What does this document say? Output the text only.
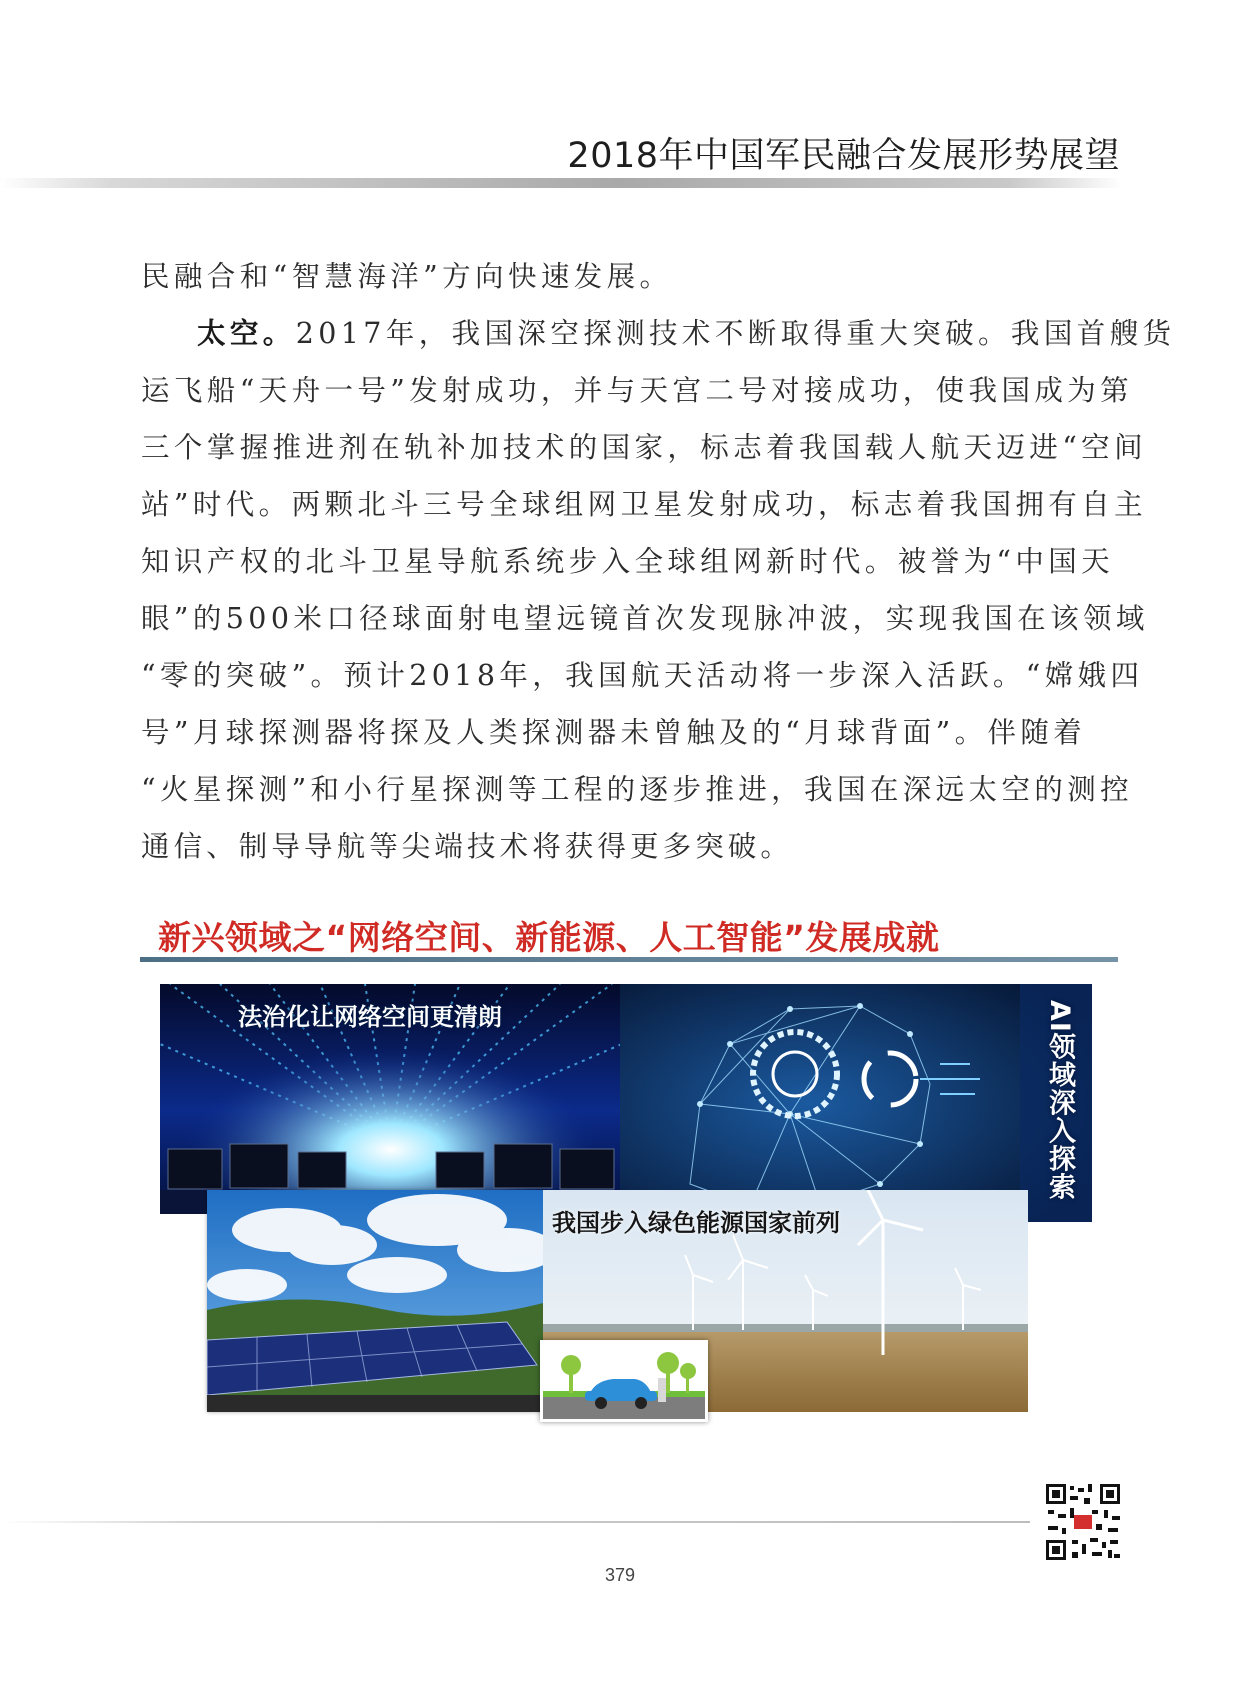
2018年中国军民融合发展形势展望
民融合和“智慧海洋”方向快速发展。
太空。2017年，我国深空探测技术不断取得重大突破。我国首艘货
运飞船“天舟一号”发射成功，并与天宫二号对接成功，使我国成为第
三个掌握推进剂在轨补加技术的国家，标志着我国载人航天迈进“空间
站”时代。两颗北斗三号全球组网卫星发射成功，标志着我国拥有自主
知识产权的北斗卫星导航系统步入全球组网新时代。被誉为“中国天
眼”的500米口径球面射电望远镜首次发现脉冲波，实现我国在该领域
“零的突破”。预计2018年，我国航天活动将一步深入活跃。“嫦娥四
号”月球探测器将探及人类探测器未曾触及的“月球背面”。伴随着
“火星探测”和小行星探测等工程的逐步推进，我国在深远太空的测控
通信、制导导航等尖端技术将获得更多突破。
新兴领域之“网络空间、新能源、人工智能”发展成就
法治化让网络空间更清朗	AI领域深入探索
我国步入绿色能源国家前列
379
